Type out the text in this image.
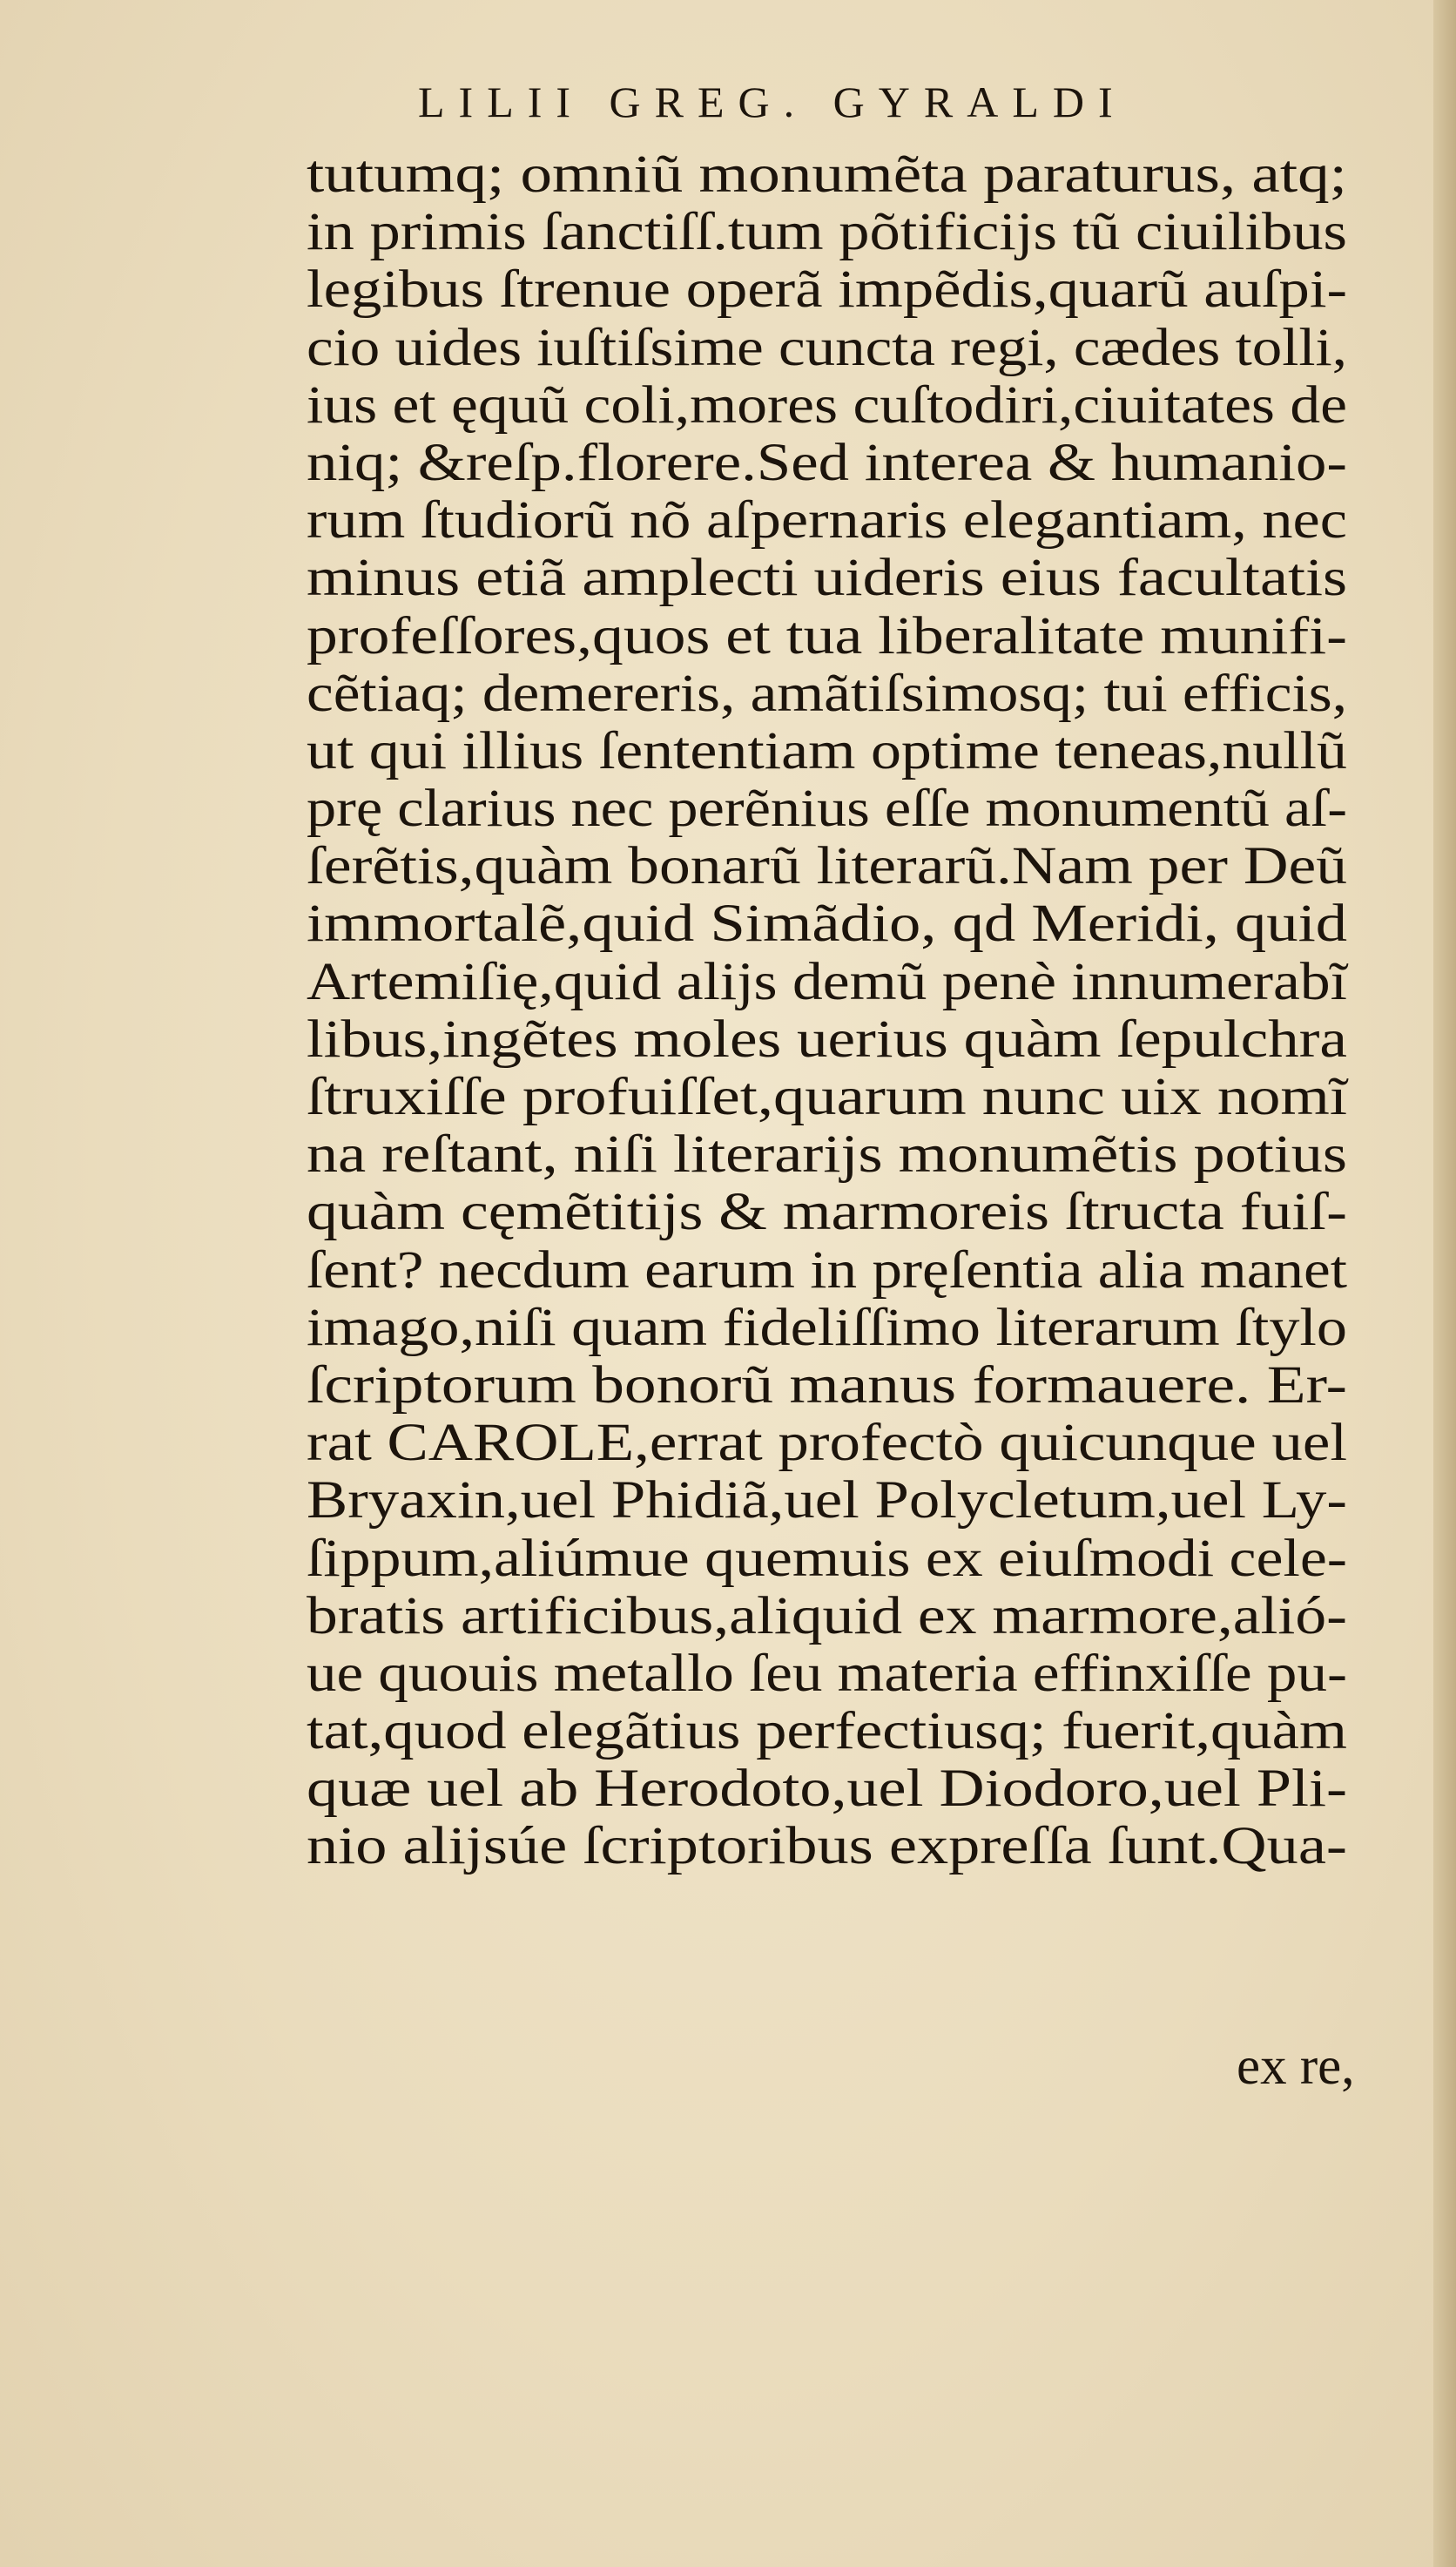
LILII GREG. GYRALDI
tutumq; omniũ monumẽta paraturus, atq;
in primis ſanctiſſ.tum põtificijs tũ ciuilibus
legibus ſtrenue operã impẽdis,quarũ auſpi-
cio uides iuſtiſsime cuncta regi, cædes tolli,
ius et ęquũ coli,mores cuſtodiri,ciuitates de
niq; &reſp.florere.Sed interea & humanio-
rum ſtudiorũ nõ aſpernaris elegantiam, nec
minus etiã amplecti uideris eius facultatis
profeſſores,quos et tua liberalitate munifi-
cẽtiaq; demereris, amãtiſsimosq; tui efficis,
ut qui illius ſententiam optime teneas,nullũ
prę clarius nec perẽnius eſſe monumentũ aſ-
ſerẽtis,quàm bonarũ literarũ.Nam per Deũ
immortalẽ,quid Simãdio, qd Meridi, quid
Artemiſię,quid alijs demũ penè innumerabĩ
libus,ingẽtes moles uerius quàm ſepulchra
ſtruxiſſe profuiſſet,quarum nunc uix nomĩ
na reſtant, niſi literarijs monumẽtis potius
quàm cęmẽtitijs & marmoreis ſtructa fuiſ-
ſent? necdum earum in pręſentia alia manet
imago,niſi quam fideliſſimo literarum ſtylo
ſcriptorum bonorũ manus formauere. Er-
rat CAROLE,errat profectò quicunque uel
Bryaxin,uel Phidiã,uel Polycletum,uel Ly-
ſippum,aliúmue quemuis ex eiuſmodi cele-
bratis artificibus,aliquid ex marmore,alió-
ue quouis metallo ſeu materia effinxiſſe pu-
tat,quod elegãtius perfectiusq; fuerit,quàm
quæ uel ab Herodoto,uel Diodoro,uel Pli-
nio alijsúe ſcriptoribus expreſſa ſunt.Qua-
ex re,
